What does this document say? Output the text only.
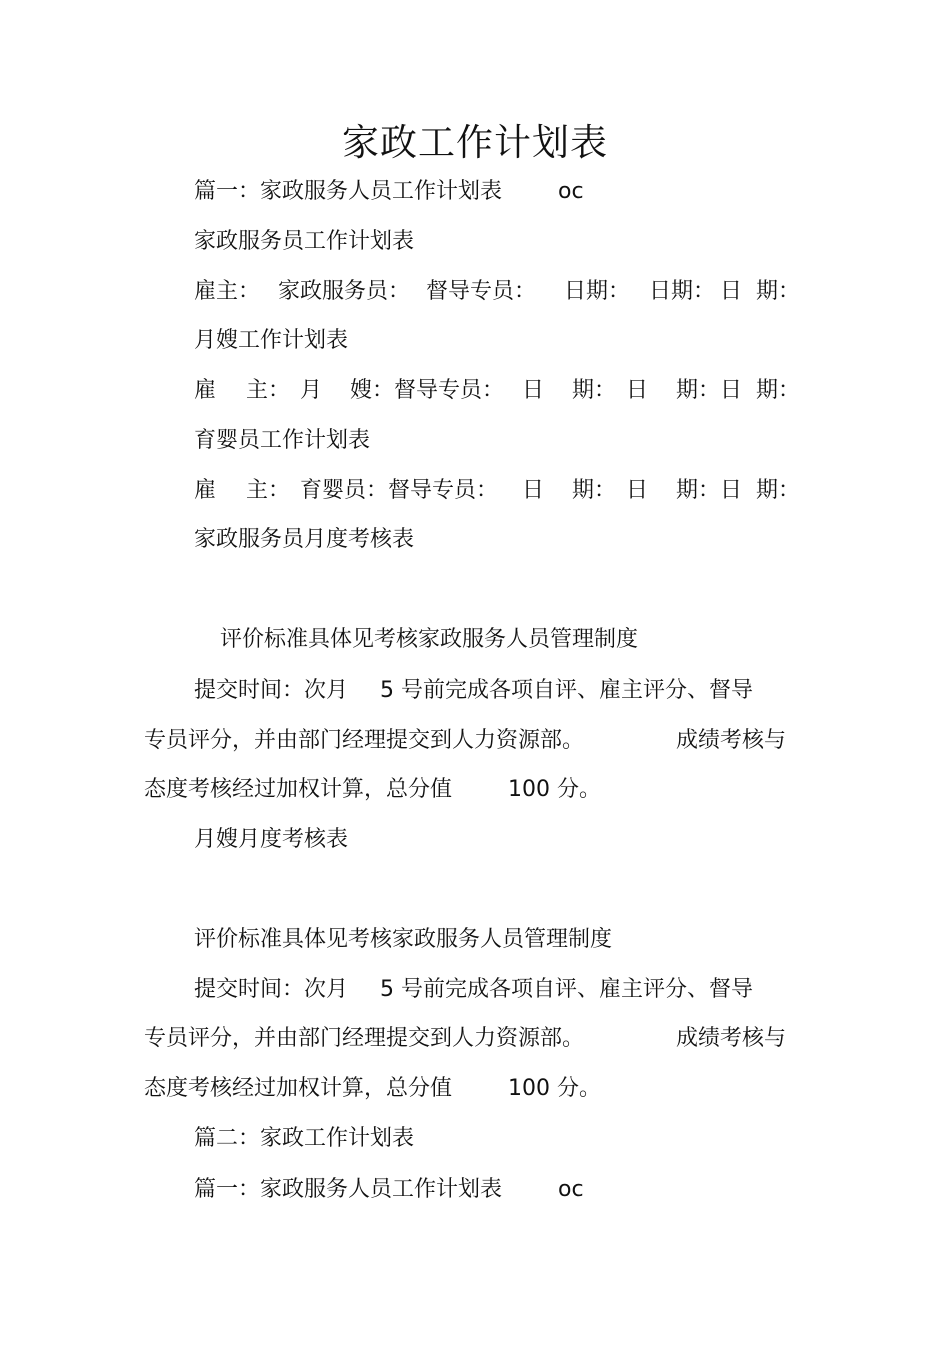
家政工作计划表
篇一：家政服务人员工作计划表	oc
家政服务员工作计划表
雇主： 家政服务员： 督导专员： 日期： 日期： 日 期：
月嫂工作计划表
雇 主： 月 嫂：督导专员： 日 期： 日 期：日 期：
育婴员工作计划表
雇 主： 育婴员：督导专员： 日 期： 日 期：日 期：
家政服务员月度考核表
评价标准具体见考核家政服务人员管理制度
提交时间：次月 5 号前完成各项自评、雇主评分、督导
专员评分，并由部门经理提交到人力资源部。	成绩考核与
态度考核经过加权计算，总分值	100 分。
月嫂月度考核表
评价标准具体见考核家政服务人员管理制度
提交时间：次月 5 号前完成各项自评、雇主评分、督导
专员评分，并由部门经理提交到人力资源部。	成绩考核与
态度考核经过加权计算，总分值	100 分。
篇二：家政工作计划表
篇一：家政服务人员工作计划表	oc
